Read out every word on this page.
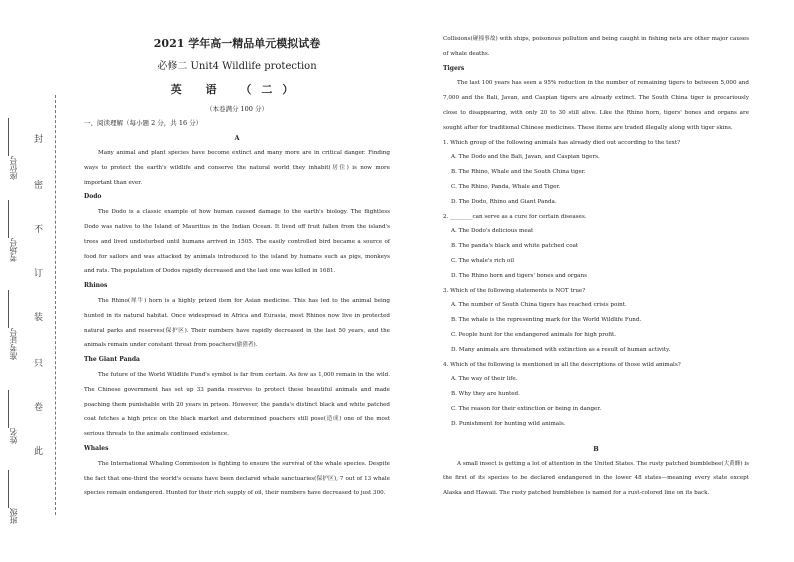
封
密
不
订
装
只
卷
此
座位号
考场号
准考证号
姓名
班级
2021 学年高一精品单元模拟试卷
必修二 Unit4 Wildlife protection
英 语 （二）
（本卷满分 100 分）
一、阅读理解（每小题 2 分，共 16 分）
A

Many animal and plant species have become extinct and many more are in critical danger. Finding ways to protect the earth's wildlife and conserve the natural world they inhabit(居住) is now more important than ever.

Dodo

The Dodo is a classic example of how human caused damage to the earth's biology. The flightless Dodo was native to the Island of Mauritius in the Indian Ocean. It lived off fruit fallen from the island's trees and lived undisturbed until humans arrived in 1505. The easily controlled bird became a source of food for sailors and was attacked by animals introduced to the island by humans such as pigs, monkeys and rats. The population of Dodos rapidly decreased and the last one was killed in 1681.

Rhinos

The Rhino(犀牛) horn is a highly prized item for Asian medicine. This has led to the animal being hunted in its natural habitat. Once widespread in Africa and Eurasia, most Rhinos now live in protected natural parks and reserves(保护区). Their numbers have rapidly decreased in the last 50 years, and the animals remain under constant threat from poachers(偷猎者).

The Giant Panda

The future of the World Wildlife Fund's symbol is far from certain. As few as 1,000 remain in the wild. The Chinese government has set up 33 panda reserves to protect these beautiful animals and made poaching them punishable with 20 years in prison. However, the panda's distinct black and white patched coat fetches a high price on the black market and determined poachers still pose(造成) one of the most serious threats to the animals continued existence.

Whales

The International Whaling Commission is fighting to ensure the survival of the whale species. Despite the fact that one-third the world's oceans have been declared whale sanctuaries(保护区), 7 out of 13 whale species remain endangered. Hunted for their rich supply of oil, their numbers have decreased to just 300.

Collisions(碰撞事故) with ships, poisonous pollution and being caught in fishing nets are other major causes of whale deaths.

Tigers

The last 100 years has seen a 95% reduction in the number of remaining tigers to between 5,000 and 7,000 and the Bali, Javan, and Caspian tigers are already extinct. The South China tiger is precariously close to disappearing, with only 20 to 30 still alive. Like the Rhino horn, tigers' bones and organs are sought after for traditional Chinese medicines. These items are traded illegally along with tiger skins.

1. Which group of the following animals has already died out according to the text?

A. The Dodo and the Bali, Javan, and Caspian tigers.

B. The Rhino, Whale and the South China tiger.

C. The Rhino, Panda, Whale and Tiger.

D. The Dodo, Rhino and Giant Panda.

2. ________can serve as a cure for certain diseases.

A. The Dodo's delicious meat

B. The panda's black and white patched coat

C. The whale's rich oil

D. The Rhino horn and tigers' bones and organs

3. Which of the following statements is NOT true?

A. The number of South China tigers has reached crisis point.

B. The whale is the representing mark for the World Wildlife Fund.

C. People hunt for the endangered animals for high profit.

D. Many animals are threatened with extinction as a result of human activity.

4. Which of the following is mentioned in all the descriptions of those wild animals?

A. The way of their life.

B. Why they are hunted.

C. The reason for their extinction or being in danger.

D. Punishment for hunting wild animals.

B

A small insect is getting a lot of attention in the United States. The rusty patched bumblebee(大黄蜂) is the first of its species to be declared endangered in the lower 48 states—meaning every state except Alaska and Hawaii. The rusty patched bumblebee is named for a rust-colored line on its back.
